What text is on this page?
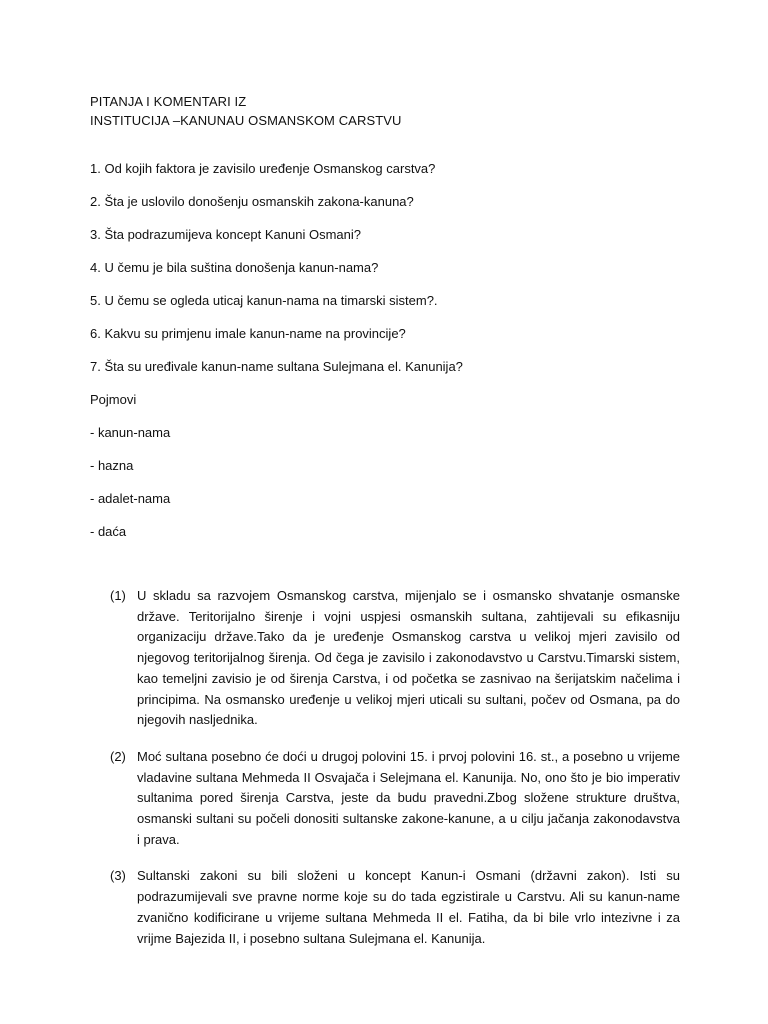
PITANJA I KOMENTARI IZ
INSTITUCIJA –KANUNAU OSMANSKOM CARSTVU
1. Od kojih faktora je zavisilo uređenje Osmanskog carstva?
2. Šta je uslovilo donošenju osmanskih zakona-kanuna?
3. Šta podrazumijeva koncept Kanuni Osmani?
4. U čemu je bila suština donošenja kanun-nama?
5. U čemu se ogleda uticaj kanun-nama na timarski sistem?.
6. Kakvu su primjenu imale kanun-name na provincije?
7. Šta su uređivale kanun-name sultana Sulejmana el. Kanunija?
Pojmovi
- kanun-nama
- hazna
- adalet-nama
- daća
(1) U skladu sa razvojem Osmanskog carstva, mijenjalo se i osmansko shvatanje osmanske države. Teritorijalno širenje i vojni uspjesi osmanskih sultana, zahtijevali su efikasniju organizaciju države.Tako da je uređenje Osmanskog carstva u velikoj mjeri zavisilo od njegovog teritorijalnog širenja. Od čega je zavisilo i zakonodavstvo u Carstvu.Timarski sistem, kao temeljni zavisio je od širenja Carstva, i od početka se zasnivao na šerijatskim načelima i principima. Na osmansko uređenje u velikoj mjeri uticali su sultani, počev od Osmana, pa do njegovih nasljednika.
(2) Moć sultana posebno će doći u drugoj polovini 15. i prvoj polovini 16. st., a posebno u vrijeme vladavine sultana Mehmeda II Osvajača i Selejmana el. Kanunija. No, ono što je bio imperativ sultanima pored širenja Carstva, jeste da budu pravedni.Zbog složene strukture društva, osmanski sultani su počeli donositi sultanske zakone-kanune, a u cilju jačanja zakonodavstva i prava.
(3) Sultanski zakoni su bili složeni u koncept Kanun-i Osmani (državni zakon). Isti su podrazumijevali sve pravne norme koje su do tada egzistirale u Carstvu. Ali su kanun-name zvanično kodificirane u vrijeme sultana Mehmeda II el. Fatiha, da bi bile vrlo intezivne i za vrijme Bajezida II, i posebno sultana Sulejmana el. Kanunija.
